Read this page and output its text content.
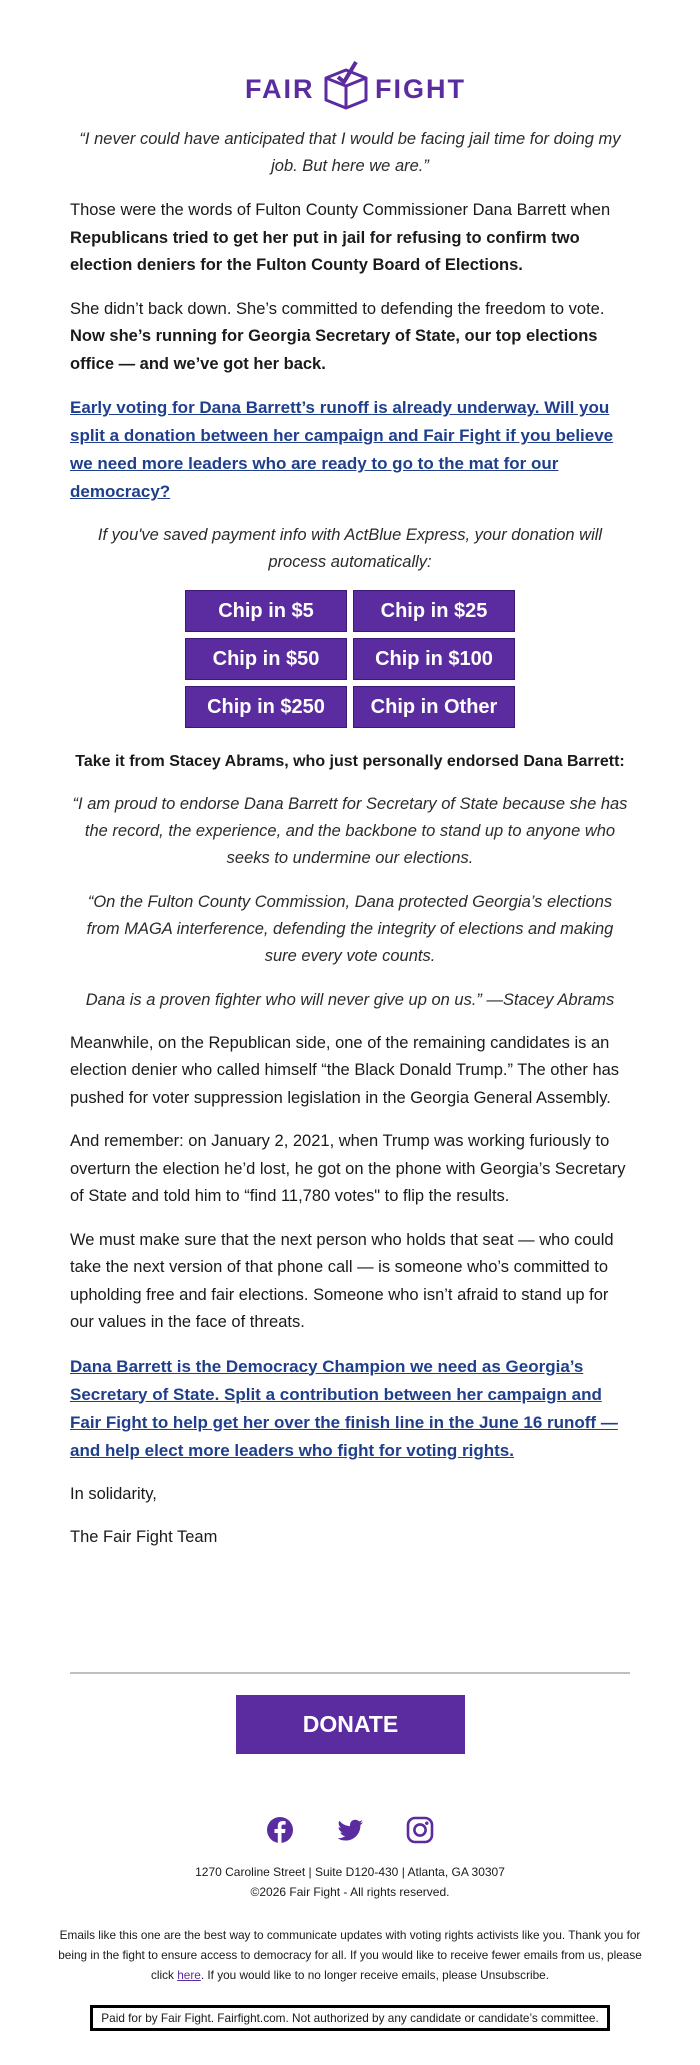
FAIR FIGHT

“I never could have anticipated that I would be facing jail time for doing my job. But here we are.”

Those were the words of Fulton County Commissioner Dana Barrett when Republicans tried to get her put in jail for refusing to confirm two election deniers for the Fulton County Board of Elections.

She didn’t back down. She’s committed to defending the freedom to vote. Now she’s running for Georgia Secretary of State, our top elections office — and we’ve got her back.

Early voting for Dana Barrett’s runoff is already underway. Will you split a donation between her campaign and Fair Fight if you believe we need more leaders who are ready to go to the mat for our democracy?

If you've saved payment info with ActBlue Express, your donation will process automatically:

Chip in $5	Chip in $25
Chip in $50	Chip in $100
Chip in $250	Chip in Other

Take it from Stacey Abrams, who just personally endorsed Dana Barrett:

“I am proud to endorse Dana Barrett for Secretary of State because she has the record, the experience, and the backbone to stand up to anyone who seeks to undermine our elections.

“On the Fulton County Commission, Dana protected Georgia’s elections from MAGA interference, defending the integrity of elections and making sure every vote counts.

Dana is a proven fighter who will never give up on us.” —Stacey Abrams

Meanwhile, on the Republican side, one of the remaining candidates is an election denier who called himself “the Black Donald Trump.” The other has pushed for voter suppression legislation in the Georgia General Assembly.

And remember: on January 2, 2021, when Trump was working furiously to overturn the election he’d lost, he got on the phone with Georgia’s Secretary of State and told him to “find 11,780 votes" to flip the results.

We must make sure that the next person who holds that seat — who could take the next version of that phone call — is someone who’s committed to upholding free and fair elections. Someone who isn’t afraid to stand up for our values in the face of threats.

Dana Barrett is the Democracy Champion we need as Georgia’s Secretary of State. Split a contribution between her campaign and Fair Fight to help get her over the finish line in the June 16 runoff — and help elect more leaders who fight for voting rights.

In solidarity,

The Fair Fight Team

DONATE
1270 Caroline Street | Suite D120-430 | Atlanta, GA 30307
©2026 Fair Fight - All rights reserved.

Emails like this one are the best way to communicate updates with voting rights activists like you. Thank you for being in the fight to ensure access to democracy for all. If you would like to receive fewer emails from us, please click here. If you would like to no longer receive emails, please Unsubscribe.

Paid for by Fair Fight. Fairfight.com. Not authorized by any candidate or candidate’s committee.
